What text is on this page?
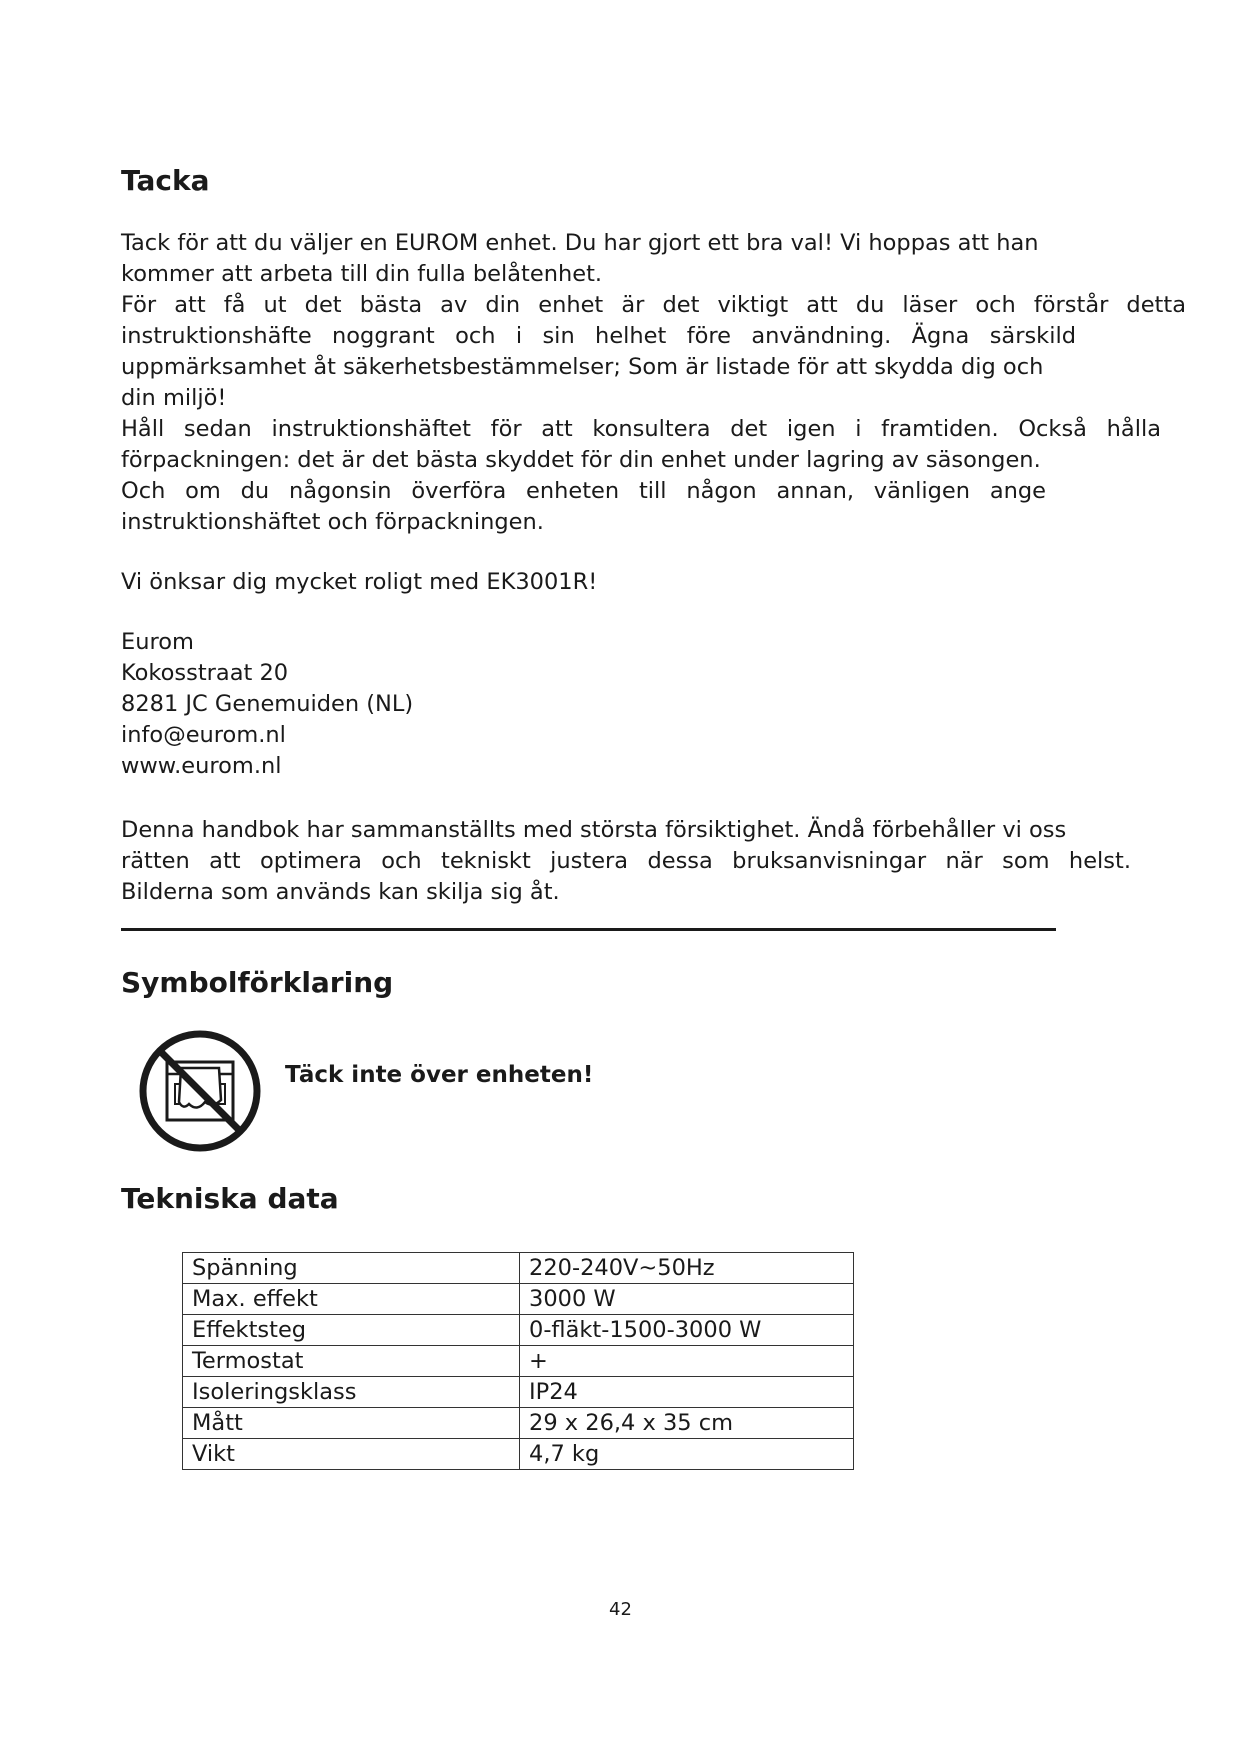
Tacka

Tack för att du väljer en EUROM enhet. Du har gjort ett bra val! Vi hoppas att han

kommer att arbeta till din fulla belåtenhet.

För att få ut det bästa av din enhet är det viktigt att du läser och förstår detta

instruktionshäfte noggrant och i sin helhet före användning. Ägna särskild

uppmärksamhet åt säkerhetsbestämmelser; Som är listade för att skydda dig och

din miljö!

Håll sedan instruktionshäftet för att konsultera det igen i framtiden. Också hålla

förpackningen: det är det bästa skyddet för din enhet under lagring av säsongen.

Och om du någonsin överföra enheten till någon annan, vänligen ange

instruktionshäftet och förpackningen.

Vi önksar dig mycket roligt med EK3001R!

Eurom

Kokosstraat 20

8281 JC Genemuiden (NL)

info@eurom.nl

www.eurom.nl

Denna handbok har sammanställts med största försiktighet. Ändå förbehåller vi oss

rätten att optimera och tekniskt justera dessa bruksanvisningar när som helst.

Bilderna som används kan skilja sig åt.

Symbolförklaring
Täck inte över enheten!
Tekniska data
Spänning	220-240V~50Hz
Max. effekt	3000 W
Effektsteg	0-fläkt-1500-3000 W
Termostat	+
Isoleringsklass	IP24
Mått	29 x 26,4 x 35 cm
Vikt	4,7 kg
42
